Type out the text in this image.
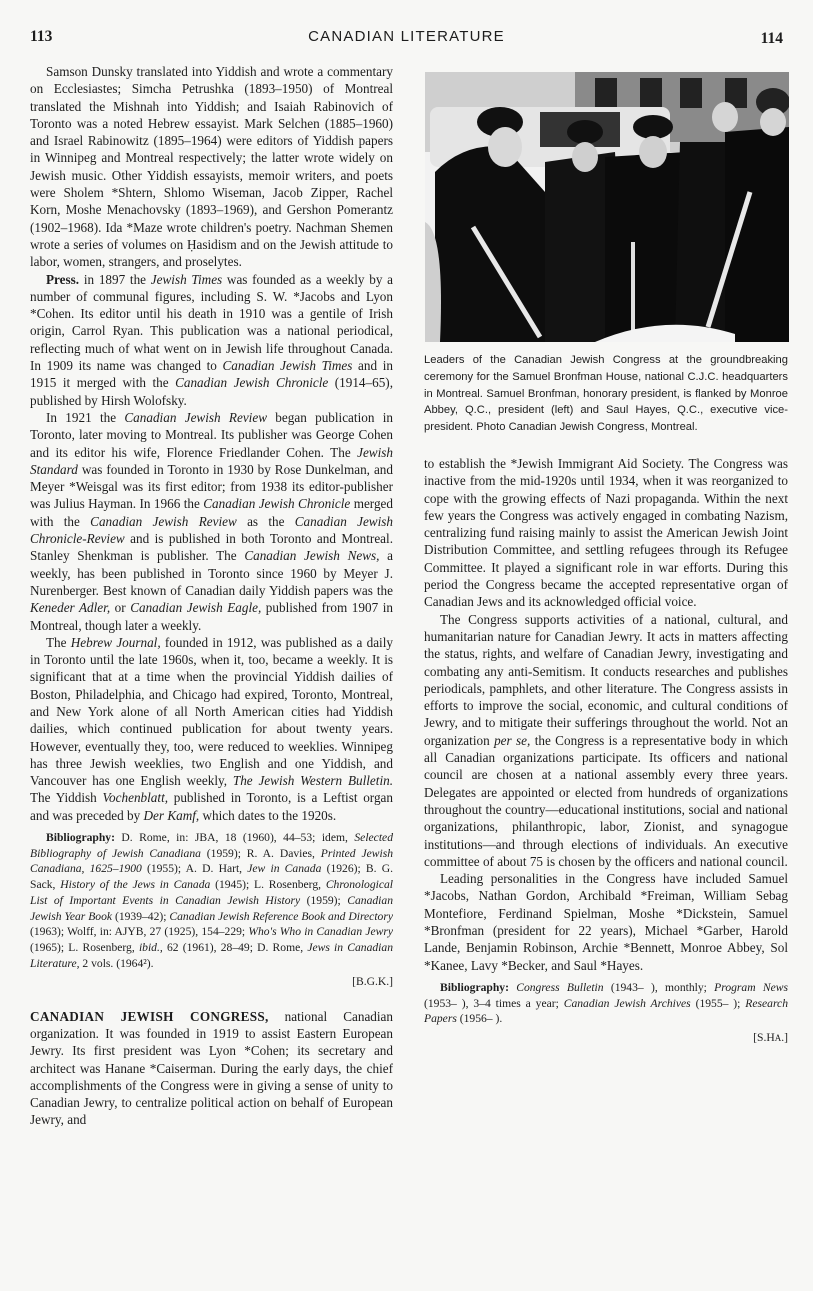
113	CANADIAN LITERATURE	114

Samson Dunsky translated into Yiddish and wrote a commentary on Ecclesiastes; Simcha Petrushka (1893–1950) of Montreal translated the Mishnah into Yiddish; and Isaiah Rabinovich of Toronto was a noted Hebrew essayist. Mark Selchen (1885–1960) and Israel Rabinowitz (1895–1964) were editors of Yiddish papers in Winnipeg and Montreal respectively; the latter wrote widely on Jewish music. Other Yiddish essayists, memoir writers, and poets were Sholem *Shtern, Shlomo Wiseman, Jacob Zipper, Rachel Korn, Moshe Menachovsky (1893–1969), and Gershon Pomerantz (1902–1968). Ida *Maze wrote children's poetry. Nachman Shemen wrote a series of volumes on Ḥasidism and on the Jewish attitude to labor, women, strangers, and proselytes.

Press. in 1897 the Jewish Times was founded as a weekly by a number of communal figures, including S. W. *Jacobs and Lyon *Cohen. Its editor until his death in 1910 was a gentile of Irish origin, Carrol Ryan. This publication was a national periodical, reflecting much of what went on in Jewish life throughout Canada. In 1909 its name was changed to Canadian Jewish Times and in 1915 it merged with the Canadian Jewish Chronicle (1914–65), published by Hirsh Wolofsky.

In 1921 the Canadian Jewish Review began publication in Toronto, later moving to Montreal. Its publisher was George Cohen and its editor his wife, Florence Friedlander Cohen. The Jewish Standard was founded in Toronto in 1930 by Rose Dunkelman, and Meyer *Weisgal was its first editor; from 1938 its editor-publisher was Julius Hayman. In 1966 the Canadian Jewish Chronicle merged with the Canadian Jewish Review as the Canadian Jewish Chronicle-Review and is published in both Toronto and Montreal. Stanley Shenkman is publisher. The Canadian Jewish News, a weekly, has been published in Toronto since 1960 by Meyer J. Nurenberger. Best known of Canadian daily Yiddish papers was the Keneder Adler, or Canadian Jewish Eagle, published from 1907 in Montreal, though later a weekly.

The Hebrew Journal, founded in 1912, was published as a daily in Toronto until the late 1960s, when it, too, became a weekly. It is significant that at a time when the provincial Yiddish dailies of Boston, Philadelphia, and Chicago had expired, Toronto, Montreal, and New York alone of all North American cities had Yiddish dailies, which continued publication for about twenty years. However, eventually they, too, were reduced to weeklies. Winnipeg has three Jewish weeklies, two English and one Yiddish, and Vancouver has one English weekly, The Jewish Western Bulletin. The Yiddish Vochenblatt, published in Toronto, is a Leftist organ and was preceded by Der Kamf, which dates to the 1920s.

Bibliography: D. Rome, in: JBA, 18 (1960), 44–53; idem, Selected Bibliography of Jewish Canadiana (1959); R. A. Davies, Printed Jewish Canadiana, 1625–1900 (1955); A. D. Hart, Jew in Canada (1926); B. G. Sack, History of the Jews in Canada (1945); L. Rosenberg, Chronological List of Important Events in Canadian Jewish History (1959); Canadian Jewish Year Book (1939–42); Canadian Jewish Reference Book and Directory (1963); Wolff, in: AJYB, 27 (1925), 154–229; Who's Who in Canadian Jewry (1965); L. Rosenberg, ibid., 62 (1961), 28–49; D. Rome, Jews in Canadian Literature, 2 vols. (1964²).

[B.G.K.]

CANADIAN JEWISH CONGRESS, national Canadian organization. It was founded in 1919 to assist Eastern European Jewry. Its first president was Lyon *Cohen; its secretary and architect was Hanane *Caiserman. During the early days, the chief accomplishments of the Congress were in giving a sense of unity to Canadian Jewry, to centralize political action on behalf of European Jewry, and

Leaders of the Canadian Jewish Congress at the groundbreaking ceremony for the Samuel Bronfman House, national C.J.C. headquarters in Montreal. Samuel Bronfman, honorary president, is flanked by Monroe Abbey, Q.C., president (left) and Saul Hayes, Q.C., executive vice-president. Photo Canadian Jewish Congress, Montreal.

to establish the *Jewish Immigrant Aid Society. The Congress was inactive from the mid-1920s until 1934, when it was reorganized to cope with the growing effects of Nazi propaganda. Within the next few years the Congress was actively engaged in combating Nazism, centralizing fund raising mainly to assist the American Jewish Joint Distribution Committee, and settling refugees through its Refugee Committee. It played a significant role in war efforts. During this period the Congress became the accepted representative organ of Canadian Jews and its acknowledged official voice.

The Congress supports activities of a national, cultural, and humanitarian nature for Canadian Jewry. It acts in matters affecting the status, rights, and welfare of Canadian Jewry, investigating and combating any anti-Semitism. It conducts researches and publishes periodicals, pamphlets, and other literature. The Congress assists in efforts to improve the social, economic, and cultural conditions of Jewry, and to mitigate their sufferings throughout the world. Not an organization per se, the Congress is a representative body in which all Canadian organizations participate. Its officers and national council are chosen at a national assembly every three years. Delegates are appointed or elected from hundreds of organizations throughout the country—educational institutions, social and national organizations, philanthropic, labor, Zionist, and synagogue institutions—and through elections of individuals. An executive committee of about 75 is chosen by the officers and national council.

Leading personalities in the Congress have included Samuel *Jacobs, Nathan Gordon, Archibald *Freiman, William Sebag Montefiore, Ferdinand Spielman, Moshe *Dickstein, Samuel *Bronfman (president for 22 years), Michael *Garber, Harold Lande, Benjamin Robinson, Archie *Bennett, Monroe Abbey, Sol *Kanee, Lavy *Becker, and Saul *Hayes.

Bibliography: Congress Bulletin (1943– ), monthly; Program News (1953– ), 3–4 times a year; Canadian Jewish Archives (1955– ); Research Papers (1956– ).

[S.HA.]
